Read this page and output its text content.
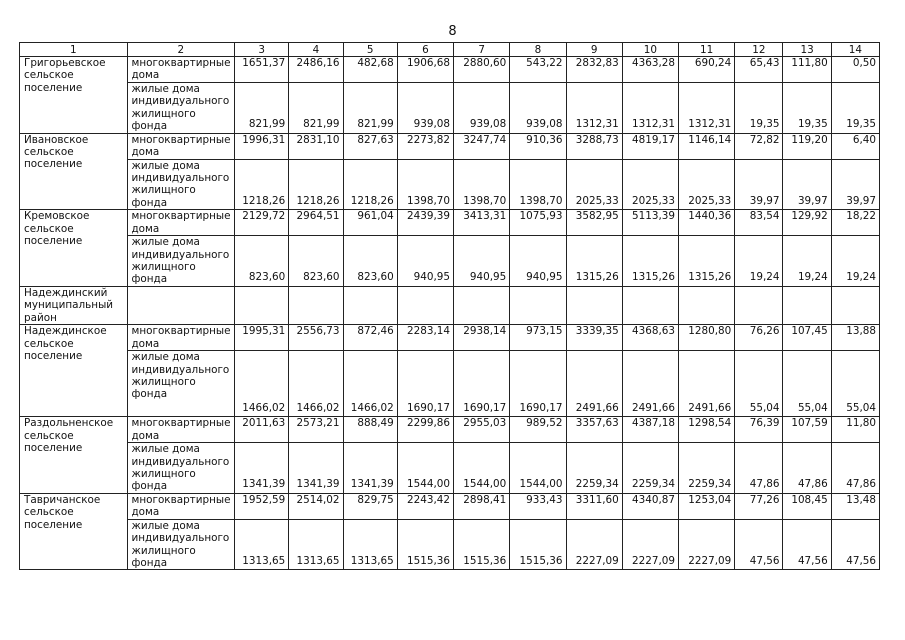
8
1	2	3	4	5	6	7	8	9	10	11	12	13	14
Григорьевское сельское поселение	многоквартирные дома	1651,37	2486,16	482,68	1906,68	2880,60	543,22	2832,83	4363,28	690,24	65,43	111,80	0,50
	жилые дома индивидуального жилищного фонда	821,99	821,99	821,99	939,08	939,08	939,08	1312,31	1312,31	1312,31	19,35	19,35	19,35
Ивановское сельское поселение	многоквартирные дома	1996,31	2831,10	827,63	2273,82	3247,74	910,36	3288,73	4819,17	1146,14	72,82	119,20	6,40
	жилые дома индивидуального жилищного фонда	1218,26	1218,26	1218,26	1398,70	1398,70	1398,70	2025,33	2025,33	2025,33	39,97	39,97	39,97
Кремовское сельское поселение	многоквартирные дома	2129,72	2964,51	961,04	2439,39	3413,31	1075,93	3582,95	5113,39	1440,36	83,54	129,92	18,22
	жилые дома индивидуального жилищного фонда	823,60	823,60	823,60	940,95	940,95	940,95	1315,26	1315,26	1315,26	19,24	19,24	19,24
Надеждинский муниципальный район													
Надеждинское сельское поселение	многоквартирные дома	1995,31	2556,73	872,46	2283,14	2938,14	973,15	3339,35	4368,63	1280,80	76,26	107,45	13,88
	жилые дома индивидуального жилищного фонда	1466,02	1466,02	1466,02	1690,17	1690,17	1690,17	2491,66	2491,66	2491,66	55,04	55,04	55,04
Раздольненское сельское поселение	многоквартирные дома	2011,63	2573,21	888,49	2299,86	2955,03	989,52	3357,63	4387,18	1298,54	76,39	107,59	11,80
	жилые дома индивидуального жилищного фонда	1341,39	1341,39	1341,39	1544,00	1544,00	1544,00	2259,34	2259,34	2259,34	47,86	47,86	47,86
Тавричанское сельское поселение	многоквартирные дома	1952,59	2514,02	829,75	2243,42	2898,41	933,43	3311,60	4340,87	1253,04	77,26	108,45	13,48
	жилые дома индивидуального жилищного фонда	1313,65	1313,65	1313,65	1515,36	1515,36	1515,36	2227,09	2227,09	2227,09	47,56	47,56	47,56
